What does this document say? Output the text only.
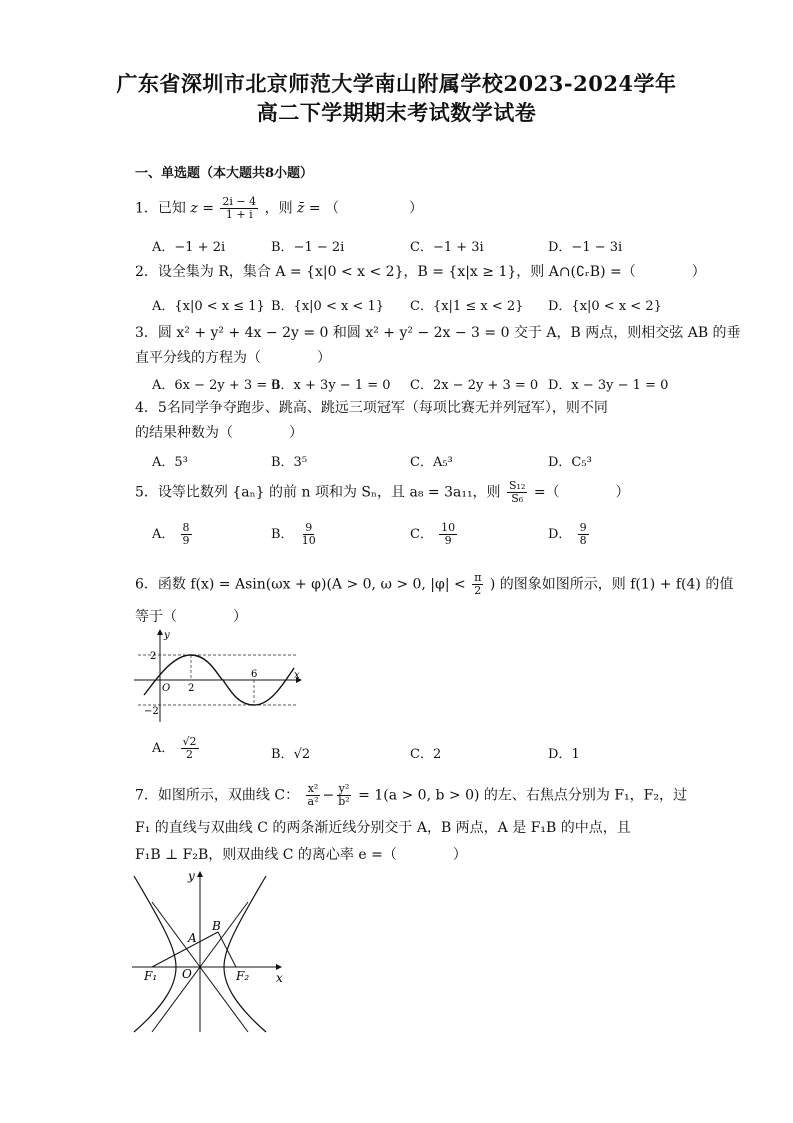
广东省深圳市北京师范大学南山附属学校2023-2024学年
高二下学期期末考试数学试卷
一、单选题（本大题共8小题）
1．已知 $z = \frac{2i - 4}{1 + i}$ ，则 z̄ = （	）
A．−1 + 2i	B．−1 − 2i	C．−1 + 3i	D．−1 − 3i
2．设全集为 R，集合 A = {x|0 < x < 2}，B = {x|x ≥ 1}，则 A∩(∁ᵣB) =（　　　　）
A．{x|0 < x ≤ 1} B．{x|0 < x < 1} C．{x|1 ≤ x < 2} D．{x|0 < x < 2}
3．圆 x² + y² + 4x − 2y = 0 和圆 x² + y² − 2x − 3 = 0 交于 A，B 两点，则相交弦 AB 的垂
直平分线的方程为（　　　　）
A．6x − 2y + 3 = 0
B．x + 3y − 1 = 0 C．2x − 2y + 3 = 0 D．x − 3y − 1 = 0
4．5名同学争夺跑步、跳高、跳远三项冠军（每项比赛无并列冠军），则不同
的结果种数为（　　　　）
A．5³	B．3⁵	C．A₅³	D．C₅³
5．设等比数列 {aₙ} 的前 n 项和为 Sₙ，且 a₈ = 3a₁₁，则 $\frac{\text{S₁₂}}{\text{S₆}}$ =（　　　　）
A． $\frac{8}{9}$	B． $\frac{9}{10}$	C． $\frac{10}{9}$	D． $\frac{9}{8}$
6．函数 f(x) = Asin(ωx + φ)(A > 0, ω > 0, $|\varphi| < \frac{\pi}{2}$ ) 的图象如图所示，则 f(1) + f(4) 的值
等于（　　　　）
y
x
O
2
2
6
−2
A． $\frac{√2}{2}$	B．√2	C．2	D．1
7．如图所示，双曲线 C： $\frac{\text{x²}}{\text{a²}} - \frac{\text{y²}}{\text{b²}} = 1(a > 0$, b > 0) 的左、右焦点分别为 F₁，F₂，过
F₁ 的直线与双曲线 C 的两条渐近线分别交于 A，B 两点，A 是 F₁B 的中点，且
F₁B ⊥ F₂B，则双曲线 C 的离心率 e =（　　　　）
y
x
O
A
B
F₁	F₂
